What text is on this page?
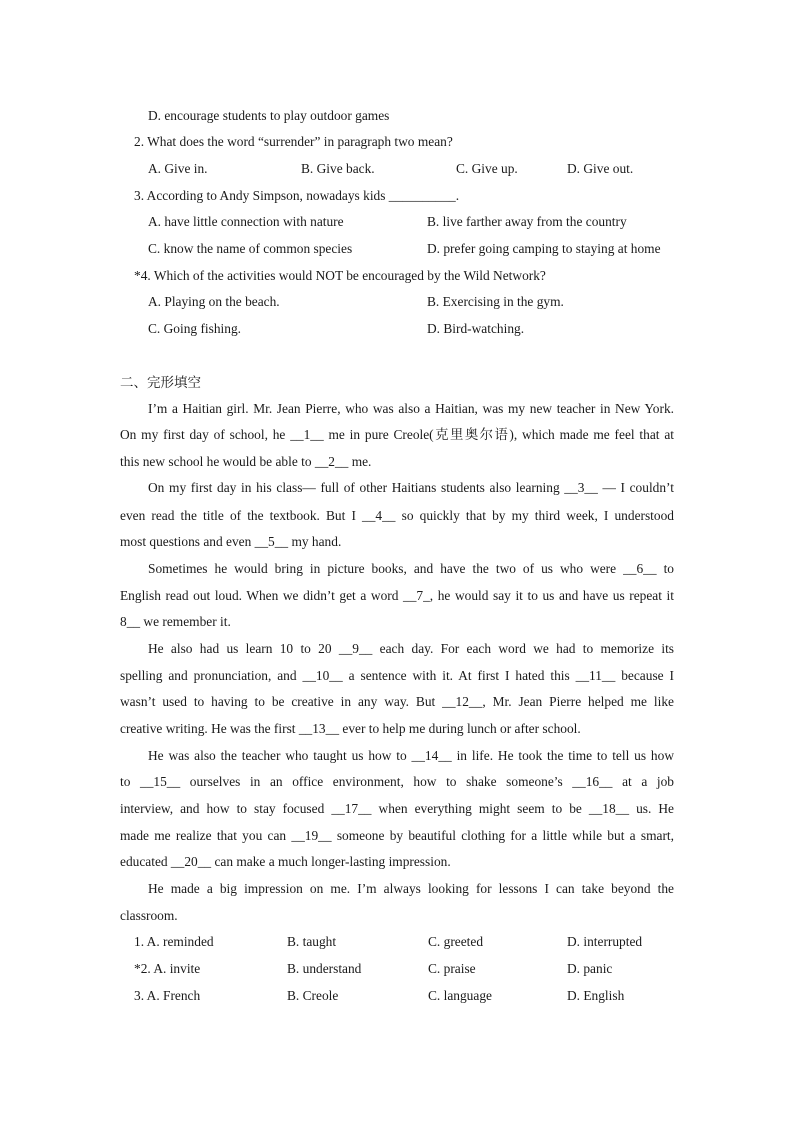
D. encourage students to play outdoor games
2. What does the word “surrender” in paragraph two mean?
A. Give in.	B. Give back.	C. Give up.	D. Give out.
3. According to Andy Simpson, nowadays kids __________.
A. have little connection with nature	B. live farther away from the country
C. know the name of common species	D. prefer going camping to staying at home
*4. Which of the activities would NOT be encouraged by the Wild Network?
A. Playing on the beach.	B. Exercising in the gym.
C. Going fishing.	D. Bird-watching.
二、完形填空
I’m a Haitian girl. Mr. Jean Pierre, who was also a Haitian, was my new teacher in New York.
On my first day of school, he __1__ me in pure Creole(克里奥尔语), which made me feel that at
this new school he would be able to __2__ me.
On my first day in his class— full of other Haitians students also learning __3__ — I couldn’t
even read the title of the textbook. But I __4__ so quickly that by my third week, I understood
most questions and even __5__ my hand.
Sometimes he would bring in picture books, and have the two of us who were __6__ to
English read out loud. When we didn’t get a word __7_, he would say it to us and have us repeat it
8__ we remember it.
He also had us learn 10 to 20 __9__ each day. For each word we had to memorize its
spelling and pronunciation, and __10__ a sentence with it. At first I hated this __11__ because I
wasn’t used to having to be creative in any way. But __12__, Mr. Jean Pierre helped me like
creative writing. He was the first __13__ ever to help me during lunch or after school.
He was also the teacher who taught us how to __14__ in life. He took the time to tell us how
to __15__ ourselves in an office environment, how to shake someone’s __16__ at a job
interview, and how to stay focused __17__ when everything might seem to be __18__ us. He
made me realize that you can __19__ someone by beautiful clothing for a little while but a smart,
educated __20__ can make a much longer-lasting impression.
He made a big impression on me. I’m always looking for lessons I can take beyond the
classroom.
1. A. reminded	B. taught	C. greeted	D. interrupted
*2. A. invite	B. understand	C. praise	D. panic
3. A. French	B. Creole	C. language	D. English
